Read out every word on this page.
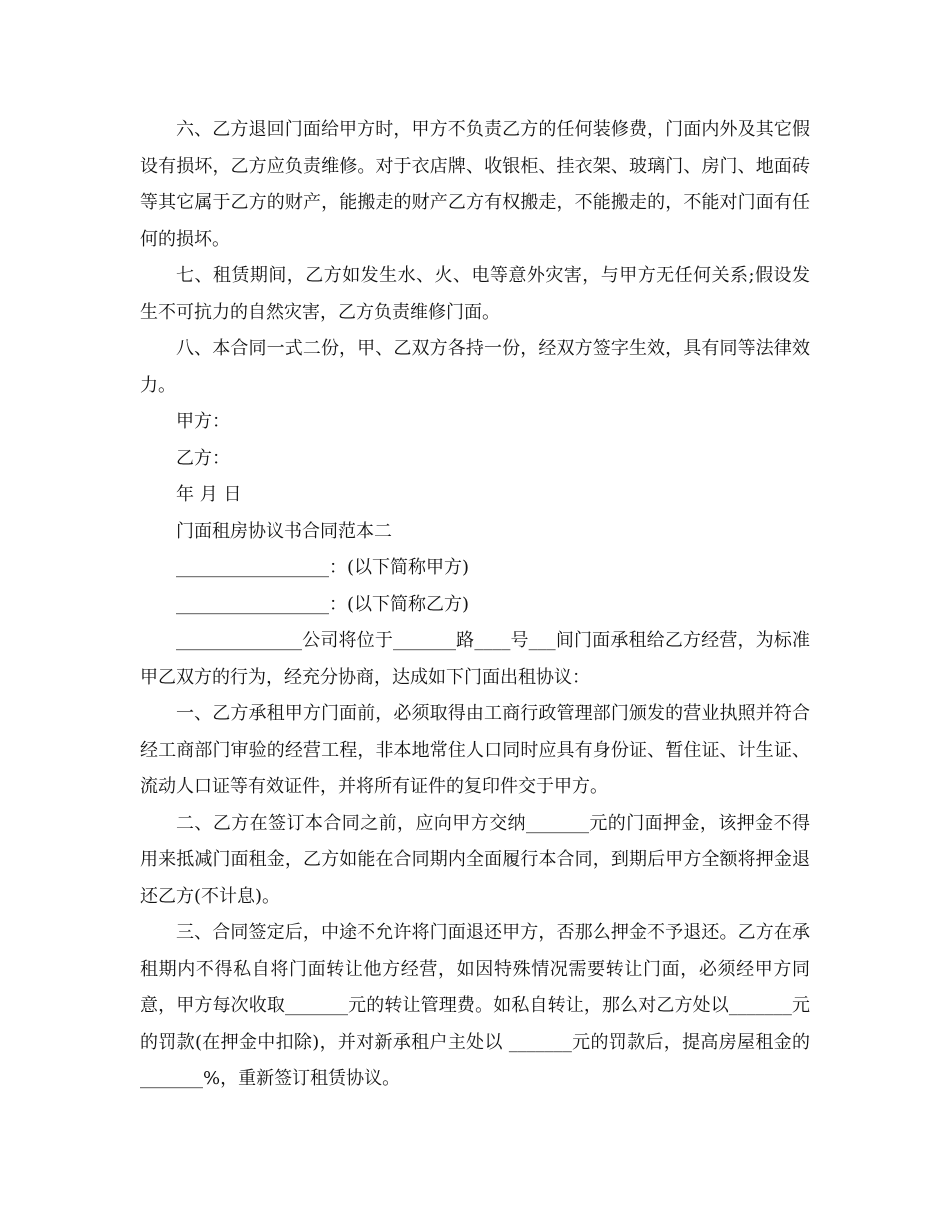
六、乙方退回门面给甲方时，甲方不负责乙方的任何装修费，门面内外及其它假设有损坏，乙方应负责维修。对于衣店牌、收银柜、挂衣架、玻璃门、房门、地面砖等其它属于乙方的财产，能搬走的财产乙方有权搬走，不能搬走的，不能对门面有任何的损坏。

七、租赁期间，乙方如发生水、火、电等意外灾害，与甲方无任何关系;假设发生不可抗力的自然灾害，乙方负责维修门面。

八、本合同一式二份，甲、乙双方各持一份，经双方签字生效，具有同等法律效力。

甲方：

乙方：

年 月 日

门面租房协议书合同范本二

_________________：(以下简称甲方)

_________________：(以下简称乙方)

______________公司将位于_______路____号___间门面承租给乙方经营，为标准甲乙双方的行为，经充分协商，达成如下门面出租协议：

一、乙方承租甲方门面前，必须取得由工商行政管理部门颁发的营业执照并符合经工商部门审验的经营工程，非本地常住人口同时应具有身份证、暂住证、计生证、流动人口证等有效证件，并将所有证件的复印件交于甲方。

二、乙方在签订本合同之前，应向甲方交纳_______元的门面押金，该押金不得用来抵减门面租金，乙方如能在合同期内全面履行本合同，到期后甲方全额将押金退还乙方(不计息)。

三、合同签定后，中途不允许将门面退还甲方，否那么押金不予退还。乙方在承租期内不得私自将门面转让他方经营，如因特殊情况需要转让门面，必须经甲方同意，甲方每次收取_______元的转让管理费。如私自转让，那么对乙方处以_______元的罚款(在押金中扣除)，并对新承租户主处以 _______元的罚款后，提高房屋租金的_______%，重新签订租赁协议。
